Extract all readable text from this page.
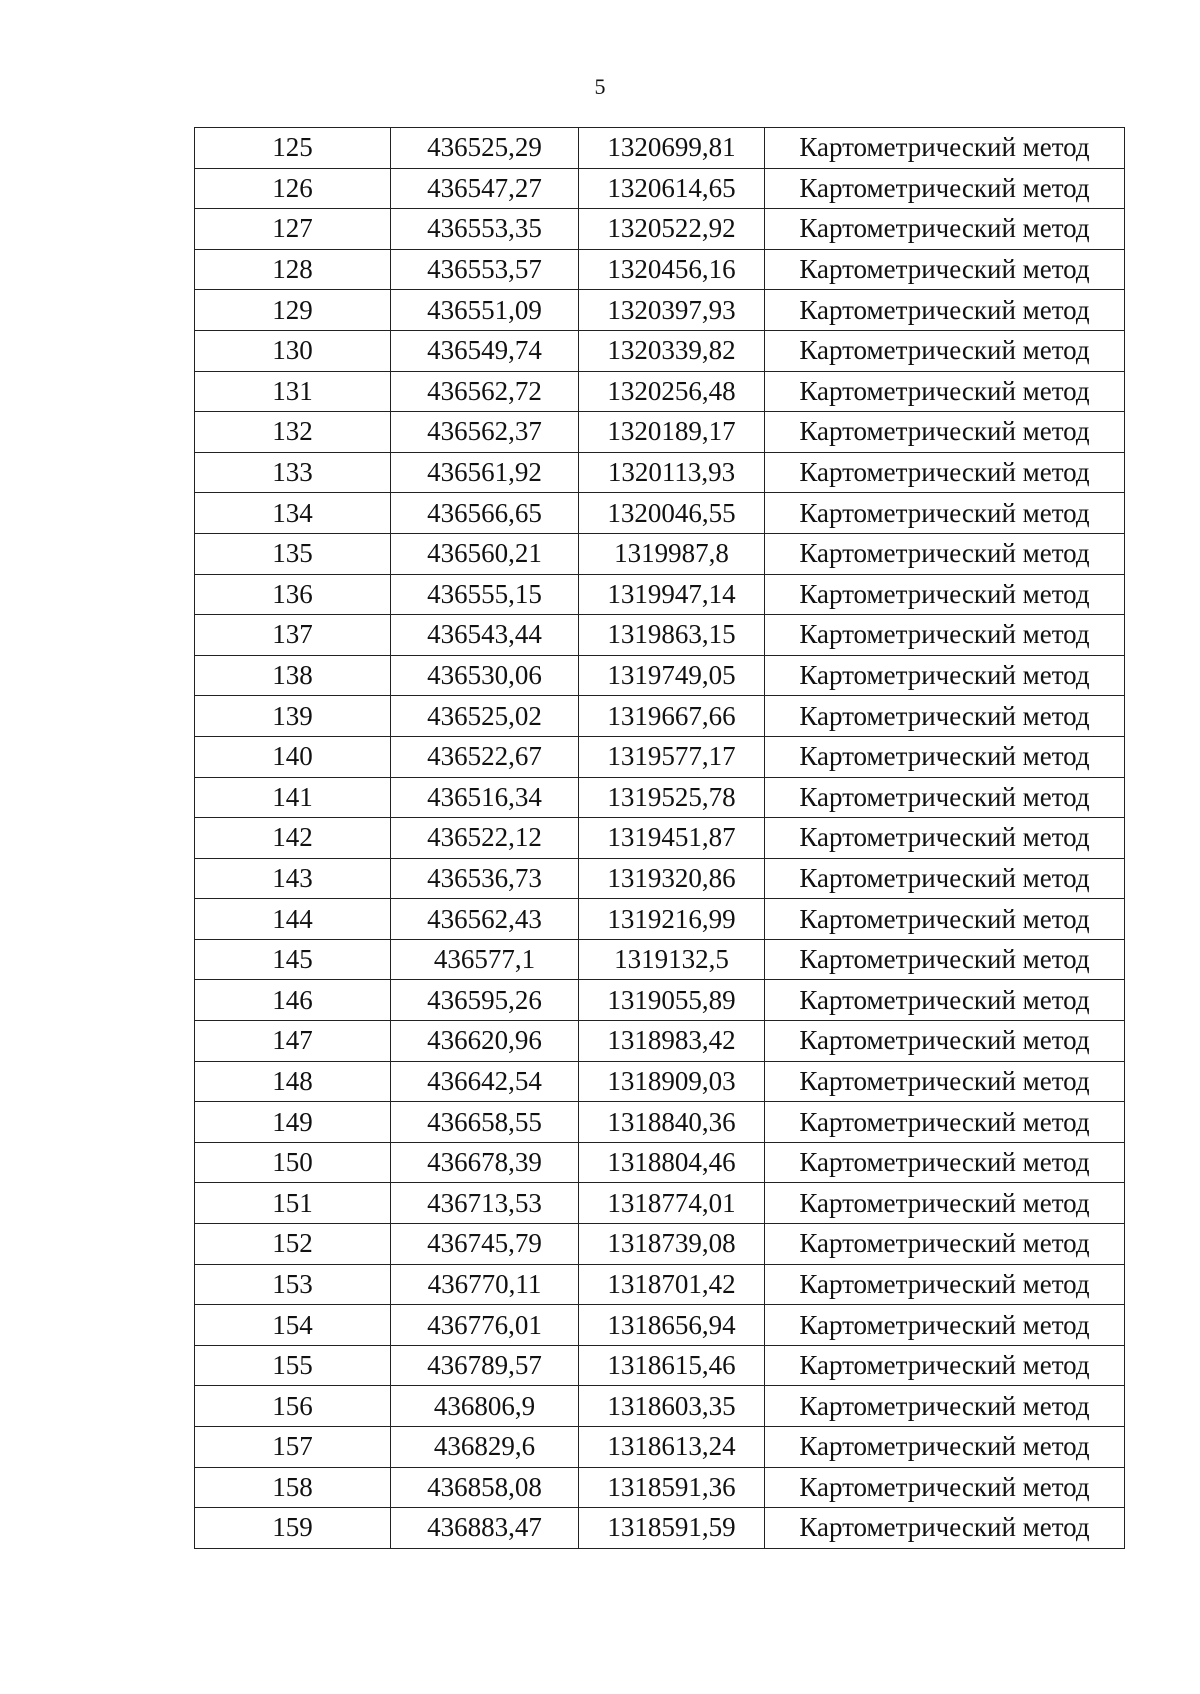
5
125	436525,29	1320699,81	Картометрический метод
126	436547,27	1320614,65	Картометрический метод
127	436553,35	1320522,92	Картометрический метод
128	436553,57	1320456,16	Картометрический метод
129	436551,09	1320397,93	Картометрический метод
130	436549,74	1320339,82	Картометрический метод
131	436562,72	1320256,48	Картометрический метод
132	436562,37	1320189,17	Картометрический метод
133	436561,92	1320113,93	Картометрический метод
134	436566,65	1320046,55	Картометрический метод
135	436560,21	1319987,8	Картометрический метод
136	436555,15	1319947,14	Картометрический метод
137	436543,44	1319863,15	Картометрический метод
138	436530,06	1319749,05	Картометрический метод
139	436525,02	1319667,66	Картометрический метод
140	436522,67	1319577,17	Картометрический метод
141	436516,34	1319525,78	Картометрический метод
142	436522,12	1319451,87	Картометрический метод
143	436536,73	1319320,86	Картометрический метод
144	436562,43	1319216,99	Картометрический метод
145	436577,1	1319132,5	Картометрический метод
146	436595,26	1319055,89	Картометрический метод
147	436620,96	1318983,42	Картометрический метод
148	436642,54	1318909,03	Картометрический метод
149	436658,55	1318840,36	Картометрический метод
150	436678,39	1318804,46	Картометрический метод
151	436713,53	1318774,01	Картометрический метод
152	436745,79	1318739,08	Картометрический метод
153	436770,11	1318701,42	Картометрический метод
154	436776,01	1318656,94	Картометрический метод
155	436789,57	1318615,46	Картометрический метод
156	436806,9	1318603,35	Картометрический метод
157	436829,6	1318613,24	Картометрический метод
158	436858,08	1318591,36	Картометрический метод
159	436883,47	1318591,59	Картометрический метод
